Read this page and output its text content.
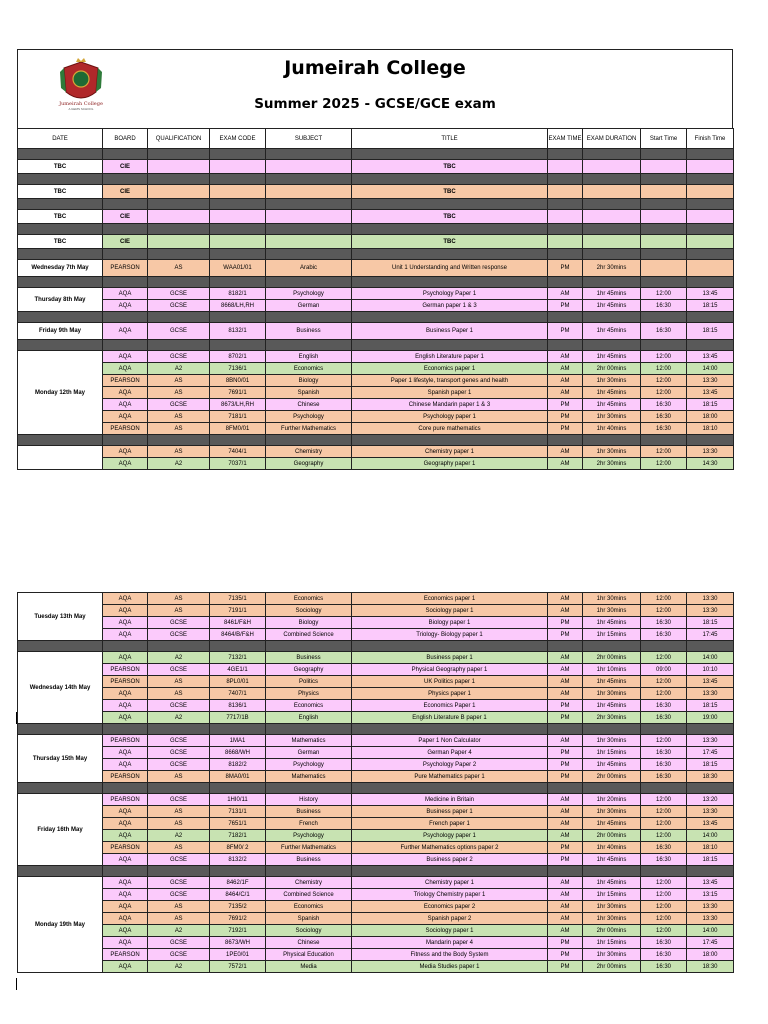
Jumeirah College
A GEMS SCHOOL
Jumeirah College
Summer 2025 - GCSE/GCE exam
DATE	BOARD	QUALIFICATION	EXAM CODE	SUBJECT	TITLE	EXAM TIME	EXAM DURATION	Start Time	Finish Time

TBC	CIE				TBC				

TBC	CIE				TBC				

TBC	CIE				TBC				

TBC	CIE				TBC				

Wednesday 7th May	PEARSON	AS	WAA01/01	Arabic	Unit 1 Understanding and Written response	PM	2hr 30mins		

Thursday 8th May	AQA	GCSE	8182/1	Psychology	Psychology Paper 1	AM	1hr 45mins	12:00	13:45
	AQA	GCSE	8668/LH,RH	German	German paper 1 & 3	PM	1hr 45mins	16:30	18:15

Friday 9th May	AQA	GCSE	8132/1	Business	Business Paper 1	PM	1hr 45mins	16:30	18:15

Monday 12th May	AQA	GCSE	8702/1	English	English Literature paper 1	AM	1hr 45mins	12:00	13:45
	AQA	A2	7136/1	Economics	Economics paper 1	AM	2hr 00mins	12:00	14:00
	PEARSON	AS	8BN0/01	Biology	Paper 1 lifestyle, transport genes and health	AM	1hr 30mins	12:00	13:30
	AQA	AS	7691/1	Spanish	Spanish paper 1	AM	1hr 45mins	12:00	13:45
	AQA	GCSE	8673/LH,RH	Chinese	Chinese Mandarin paper 1 & 3	PM	1hr 45mins	16:30	18:15
	AQA	AS	7181/1	Psychology	Psychology paper 1	PM	1hr 30mins	16:30	18:00
	PEARSON	AS	8FM0/01	Further Mathematics	Core pure mathematics	PM	1hr 40mins	16:30	18:10

	AQA	AS	7404/1	Chemistry	Chemistry paper 1	AM	1hr 30mins	12:00	13:30
	AQA	A2	7037/1	Geography	Geography paper 1	AM	2hr 30mins	12:00	14:30
Tuesday 13th May	AQA	AS	7135/1	Economics	Economics paper 1	AM	1hr 30mins	12:00	13:30
	AQA	AS	7191/1	Sociology	Sociology paper 1	AM	1hr 30mins	12:00	13:30
	AQA	GCSE	8461/F&H	Biology	Biology paper 1	PM	1hr 45mins	16:30	18:15
	AQA	GCSE	8464/B/F&H	Combined Science	Triology- Biology paper 1	PM	1hr 15mins	16:30	17:45

Wednesday 14th May	AQA	A2	7132/1	Business	Business paper 1	AM	2hr 00mins	12:00	14:00
	PEARSON	GCSE	4GE1/1	Geography	Physical Geography paper 1	AM	1hr 10mins	09:00	10:10
	PEARSON	AS	8PL0/01	Politics	UK Politics paper 1	AM	1hr 45mins	12:00	13:45
	AQA	AS	7407/1	Physics	Physics paper 1	AM	1hr 30mins	12:00	13:30
	AQA	GCSE	8136/1	Economics	Economics Paper 1	PM	1hr 45mins	16:30	18:15
	AQA	A2	7717/1B	English	English Literature B paper 1	PM	2hr 30mins	16:30	19:00

Thursday 15th May	PEARSON	GCSE	1MA1	Mathematics	Paper 1 Non Calculator	AM	1hr 30mins	12:00	13:30
	AQA	GCSE	8668/WH	German	German Paper 4	PM	1hr 15mins	16:30	17:45
	AQA	GCSE	8182/2	Psychology	Psychology Paper 2	PM	1hr 45mins	16:30	18:15
	PEARSON	AS	8MA0/01	Mathematics	Pure Mathematics paper 1	PM	2hr 00mins	16:30	18:30

Friday 16th May	PEARSON	GCSE	1HI0/11	History	Medicine in Britain	AM	1hr 20mins	12:00	13:20
	AQA	AS	7131/1	Business	Business paper 1	AM	1hr 30mins	12:00	13:30
	AQA	AS	7651/1	French	French paper 1	AM	1hr 45mins	12:00	13:45
	AQA	A2	7182/1	Psychology	Psychology paper 1	AM	2hr 00mins	12:00	14:00
	PEARSON	AS	8FM0/ 2	Further Mathematics	Further Mathematics options paper 2	PM	1hr 40mins	16:30	18:10
	AQA	GCSE	8132/2	Business	Business paper 2	PM	1hr 45mins	16:30	18:15

Monday 19th May	AQA	GCSE	8462/1F	Chemistry	Chemistry paper 1	AM	1hr 45mins	12:00	13:45
	AQA	GCSE	8464/C/1	Combined Science	Triology Chemistry paper 1	AM	1hr 15mins	12:00	13:15
	AQA	AS	7135/2	Economics	Economics paper 2	AM	1hr 30mins	12:00	13:30
	AQA	AS	7691/2	Spanish	Spanish paper 2	AM	1hr 30mins	12:00	13:30
	AQA	A2	7192/1	Sociology	Sociology paper 1	AM	2hr 00mins	12:00	14:00
	AQA	GCSE	8673/WH	Chinese	Mandarin paper 4	PM	1hr 15mins	16:30	17:45
	PEARSON	GCSE	1PE0/01	Physical Education	Fitness and the Body System	PM	1hr 30mins	16:30	18:00
	AQA	A2	7572/1	Media	Media Studies paper 1	PM	2hr 00mins	16:30	18:30
